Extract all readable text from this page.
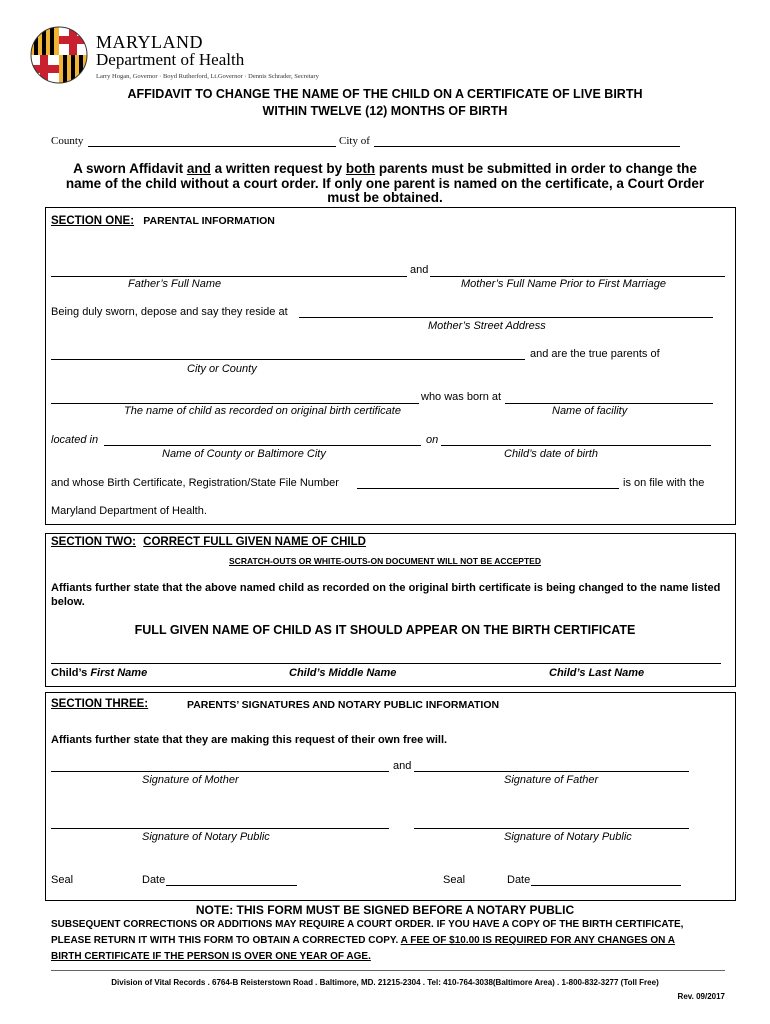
MARYLAND
Department of Health
Larry Hogan, Governor · Boyd Rutherford, Lt.Governor · Dennis Schrader, Secretary
AFFIDAVIT TO CHANGE THE NAME OF THE CHILD ON A CERTIFICATE OF LIVE BIRTH
WITHIN TWELVE (12) MONTHS OF BIRTH
County	City of
A sworn Affidavit and a written request by both parents must be submitted in order to change the
name of the child without a court order. If only one parent is named on the certificate, a Court Order
must be obtained.
SECTION ONE: PARENTAL INFORMATION
and
Father’s Full Name	Mother’s Full Name Prior to First Marriage
Being duly sworn, depose and say they reside at
Mother’s Street Address
and are the true parents of
City or County
who was born at
The name of child as recorded on original birth certificate	Name of facility
located in	on
Name of County or Baltimore City	Child’s date of birth
and whose Birth Certificate, Registration/State File Number	is on file with the
Maryland Department of Health.
SECTION TWO: CORRECT FULL GIVEN NAME OF CHILD
SCRATCH-OUTS OR WHITE-OUTS-ON DOCUMENT WILL NOT BE ACCEPTED
Affiants further state that the above named child as recorded on the original birth certificate is being changed to the name listed
below.
FULL GIVEN NAME OF CHILD AS IT SHOULD APPEAR ON THE BIRTH CERTIFICATE
Child’s First Name	Child’s Middle Name	Child’s Last Name
SECTION THREE:	PARENTS’ SIGNATURES AND NOTARY PUBLIC INFORMATION
Affiants further state that they are making this request of their own free will.
and
Signature of Mother	Signature of Father
Signature of Notary Public	Signature of Notary Public
Seal	Date	Seal	Date
NOTE: THIS FORM MUST BE SIGNED BEFORE A NOTARY PUBLIC
SUBSEQUENT CORRECTIONS OR ADDITIONS MAY REQUIRE A COURT ORDER. IF YOU HAVE A COPY OF THE BIRTH CERTIFICATE,
PLEASE RETURN IT WITH THIS FORM TO OBTAIN A CORRECTED COPY. A FEE OF $10.00 IS REQUIRED FOR ANY CHANGES ON A
BIRTH CERTIFICATE IF THE PERSON IS OVER ONE YEAR OF AGE.
Division of Vital Records . 6764-B Reisterstown Road . Baltimore, MD. 21215-2304 . Tel: 410-764-3038(Baltimore Area) . 1-800-832-3277 (Toll Free)
Rev. 09/2017
